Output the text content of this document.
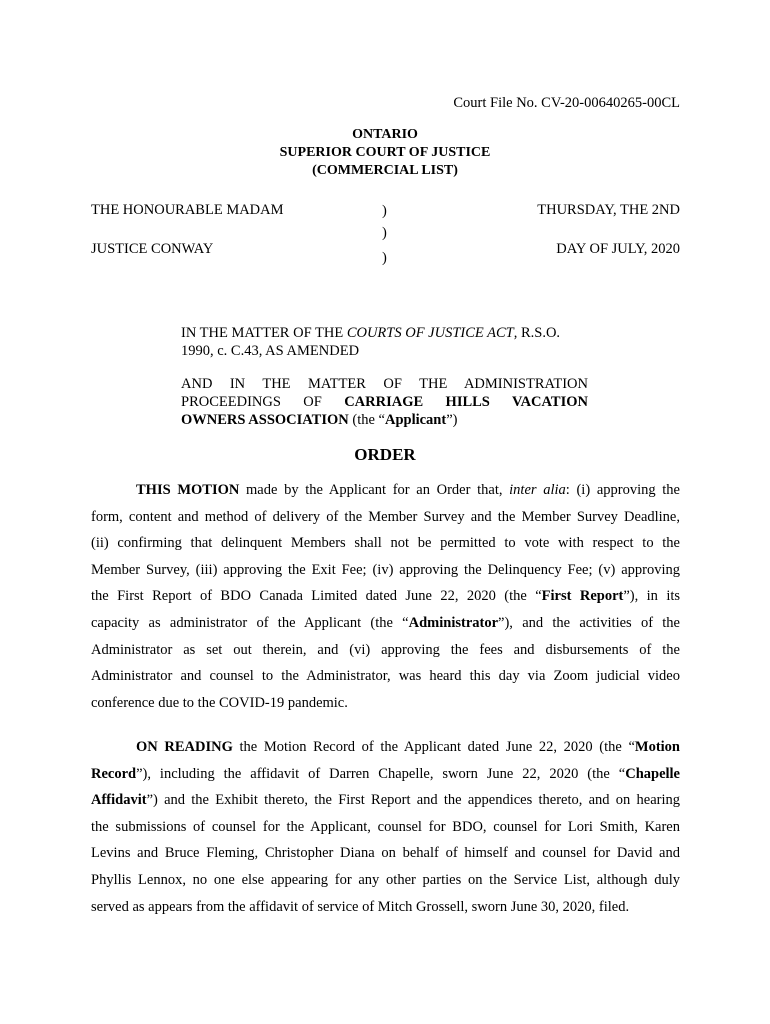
Court File No. CV-20-00640265-00CL
ONTARIO
SUPERIOR COURT OF JUSTICE
(COMMERCIAL LIST)
THE HONOURABLE MADAM
JUSTICE CONWAY
)
)
)
THURSDAY, THE 2ND
DAY OF JULY, 2020
IN THE MATTER OF THE COURTS OF JUSTICE ACT, R.S.O.
1990, c. C.43, AS AMENDED
AND IN THE MATTER OF THE ADMINISTRATION
PROCEEDINGS OF CARRIAGE HILLS VACATION
OWNERS ASSOCIATION (the “Applicant”)
ORDER
THIS MOTION made by the Applicant for an Order that, inter alia: (i) approving the
form, content and method of delivery of the Member Survey and the Member Survey Deadline,
(ii) confirming that delinquent Members shall not be permitted to vote with respect to the
Member Survey, (iii) approving the Exit Fee; (iv) approving the Delinquency Fee; (v) approving
the First Report of BDO Canada Limited dated June 22, 2020 (the “First Report”), in its
capacity as administrator of the Applicant (the “Administrator”), and the activities of the
Administrator as set out therein, and (vi) approving the fees and disbursements of the
Administrator and counsel to the Administrator, was heard this day via Zoom judicial video
conference due to the COVID-19 pandemic.
ON READING the Motion Record of the Applicant dated June 22, 2020 (the “Motion
Record”), including the affidavit of Darren Chapelle, sworn June 22, 2020 (the “Chapelle
Affidavit”) and the Exhibit thereto, the First Report and the appendices thereto, and on hearing
the submissions of counsel for the Applicant, counsel for BDO, counsel for Lori Smith, Karen
Levins and Bruce Fleming, Christopher Diana on behalf of himself and counsel for David and
Phyllis Lennox, no one else appearing for any other parties on the Service List, although duly
served as appears from the affidavit of service of Mitch Grossell, sworn June 30, 2020, filed.
